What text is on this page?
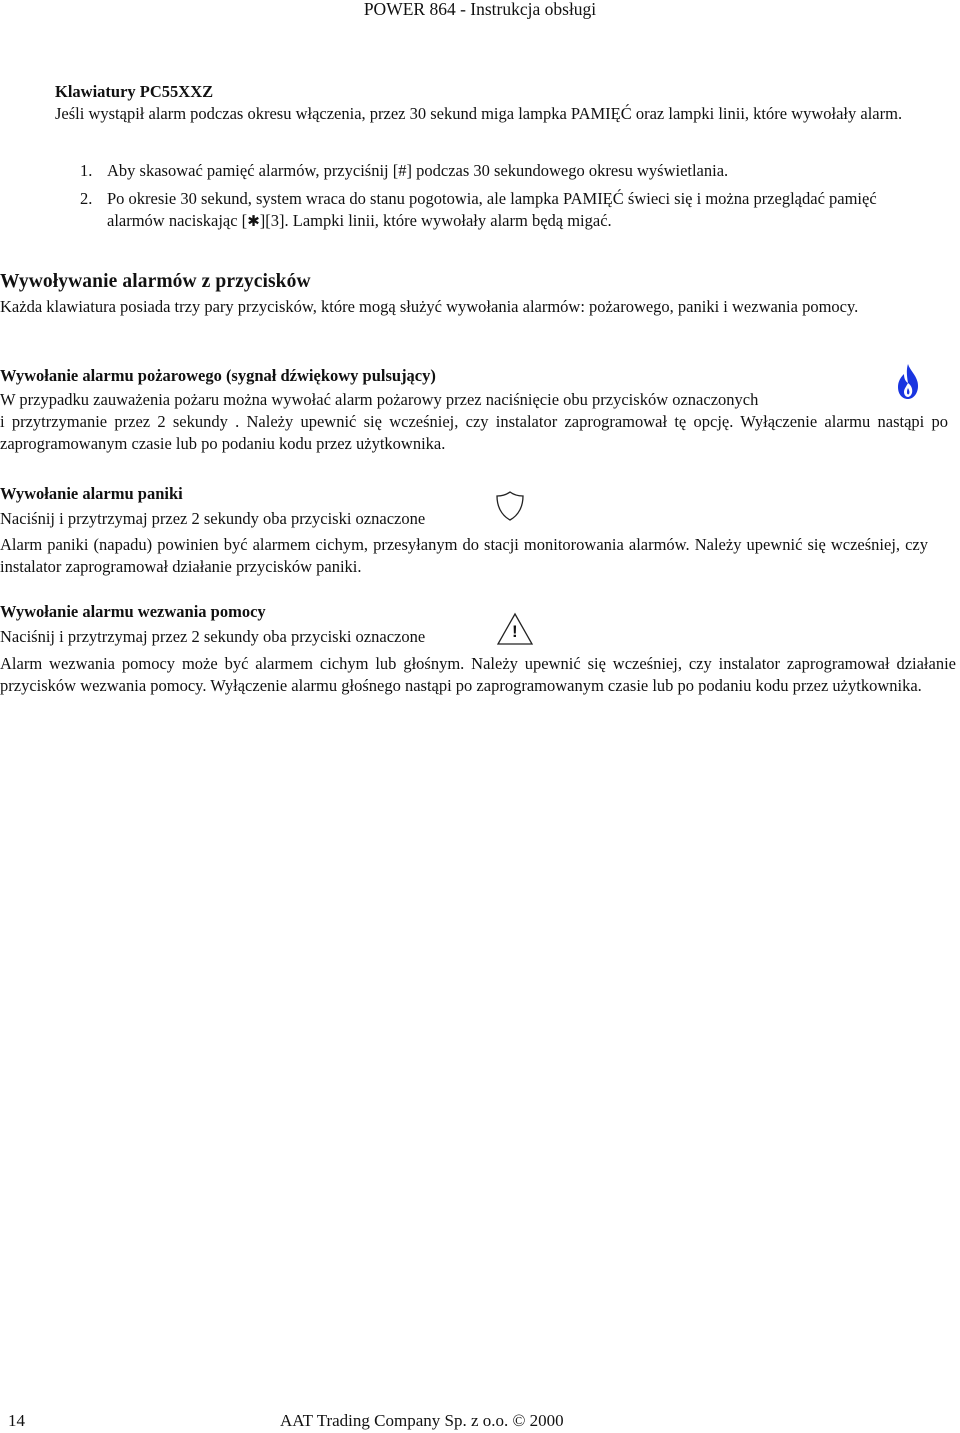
POWER 864 - Instrukcja obsługi
Klawiatury PC55XXZ
Jeśli wystąpił alarm podczas okresu włączenia, przez 30 sekund miga lampka PAMIĘĆ oraz lampki linii, które wywołały alarm.
1. Aby skasować pamięć alarmów, przyciśnij [#] podczas 30 sekundowego okresu wyświetlania.
2. Po okresie 30 sekund, system wraca do stanu pogotowia, ale lampka PAMIĘĆ świeci się i można przeglądać pamięć alarmów naciskając [✱][3]. Lampki linii, które wywołały alarm będą migać.
Wywoływanie alarmów z przycisków
Każda klawiatura posiada trzy pary przycisków, które mogą służyć wywołania alarmów: pożarowego, paniki i wezwania pomocy.
Wywołanie alarmu pożarowego (sygnał dźwiękowy pulsujący)
W przypadku zauważenia pożaru można wywołać alarm pożarowy przez naciśnięcie obu przycisków oznaczonych
i przytrzymanie przez 2 sekundy . Należy upewnić się wcześniej, czy instalator zaprogramował tę opcję. Wyłączenie alarmu nastąpi po zaprogramowanym czasie lub po podaniu kodu przez użytkownika.
Wywołanie alarmu paniki
Naciśnij i przytrzymaj przez 2 sekundy oba przyciski oznaczone
Alarm paniki (napadu) powinien być alarmem cichym, przesyłanym do stacji monitorowania alarmów. Należy upewnić się wcześniej, czy instalator zaprogramował działanie przycisków paniki.
Wywołanie alarmu wezwania pomocy
Naciśnij i przytrzymaj przez 2 sekundy oba przyciski oznaczone	!
Alarm wezwania pomocy może być alarmem cichym lub głośnym. Należy upewnić się wcześniej, czy instalator zaprogramował działanie przycisków wezwania pomocy. Wyłączenie alarmu głośnego nastąpi po zaprogramowanym czasie lub po podaniu kodu przez użytkownika.
14	AAT Trading Company Sp. z o.o. © 2000
